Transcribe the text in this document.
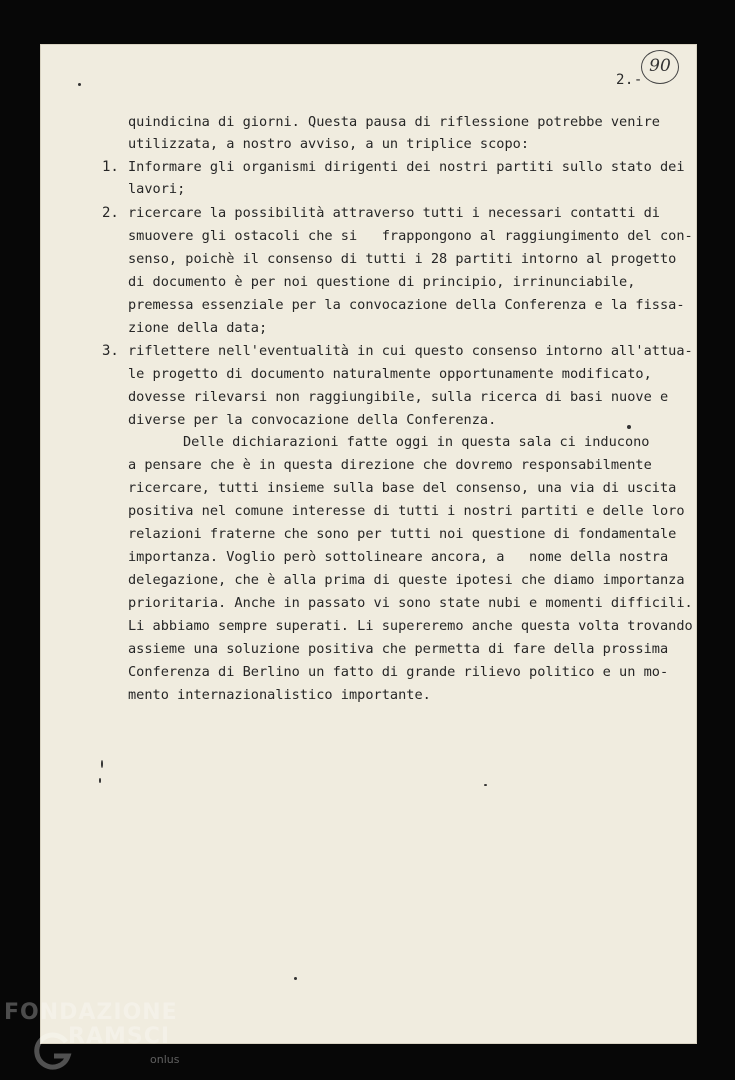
2.-
90
quindicina di giorni. Questa pausa di riflessione potrebbe venire
utilizzata, a nostro avviso, a un triplice scopo:
1. Informare gli organismi dirigenti dei nostri partiti sullo stato dei
lavori;
2. ricercare la possibilità attraverso tutti i necessari contatti di
smuovere gli ostacoli che si   frappongono al raggiungimento del con-
senso, poichè il consenso di tutti i 28 partiti intorno al progetto
di documento è per noi questione di principio, irrinunciabile,
premessa essenziale per la convocazione della Conferenza e la fissa-
zione della data;
3. riflettere nell'eventualità in cui questo consenso intorno all'attua-
le progetto di documento naturalmente opportunamente modificato,
dovesse rilevarsi non raggiungibile, sulla ricerca di basi nuove e
diverse per la convocazione della Conferenza.
Delle dichiarazioni fatte oggi in questa sala ci inducono
a pensare che è in questa direzione che dovremo responsabilmente
ricercare, tutti insieme sulla base del consenso, una via di uscita
positiva nel comune interesse di tutti i nostri partiti e delle loro
relazioni fraterne che sono per tutti noi questione di fondamentale
importanza. Voglio però sottolineare ancora, a   nome della nostra
delegazione, che è alla prima di queste ipotesi che diamo importanza
prioritaria. Anche in passato vi sono state nubi e momenti difficili.
Li abbiamo sempre superati. Li supereremo anche questa volta trovando
assieme una soluzione positiva che permetta di fare della prossima
Conferenza di Berlino un fatto di grande rilievo politico e un mo-
mento internazionalistico importante.
FONDAZIONE
RAMSCI
onlus
